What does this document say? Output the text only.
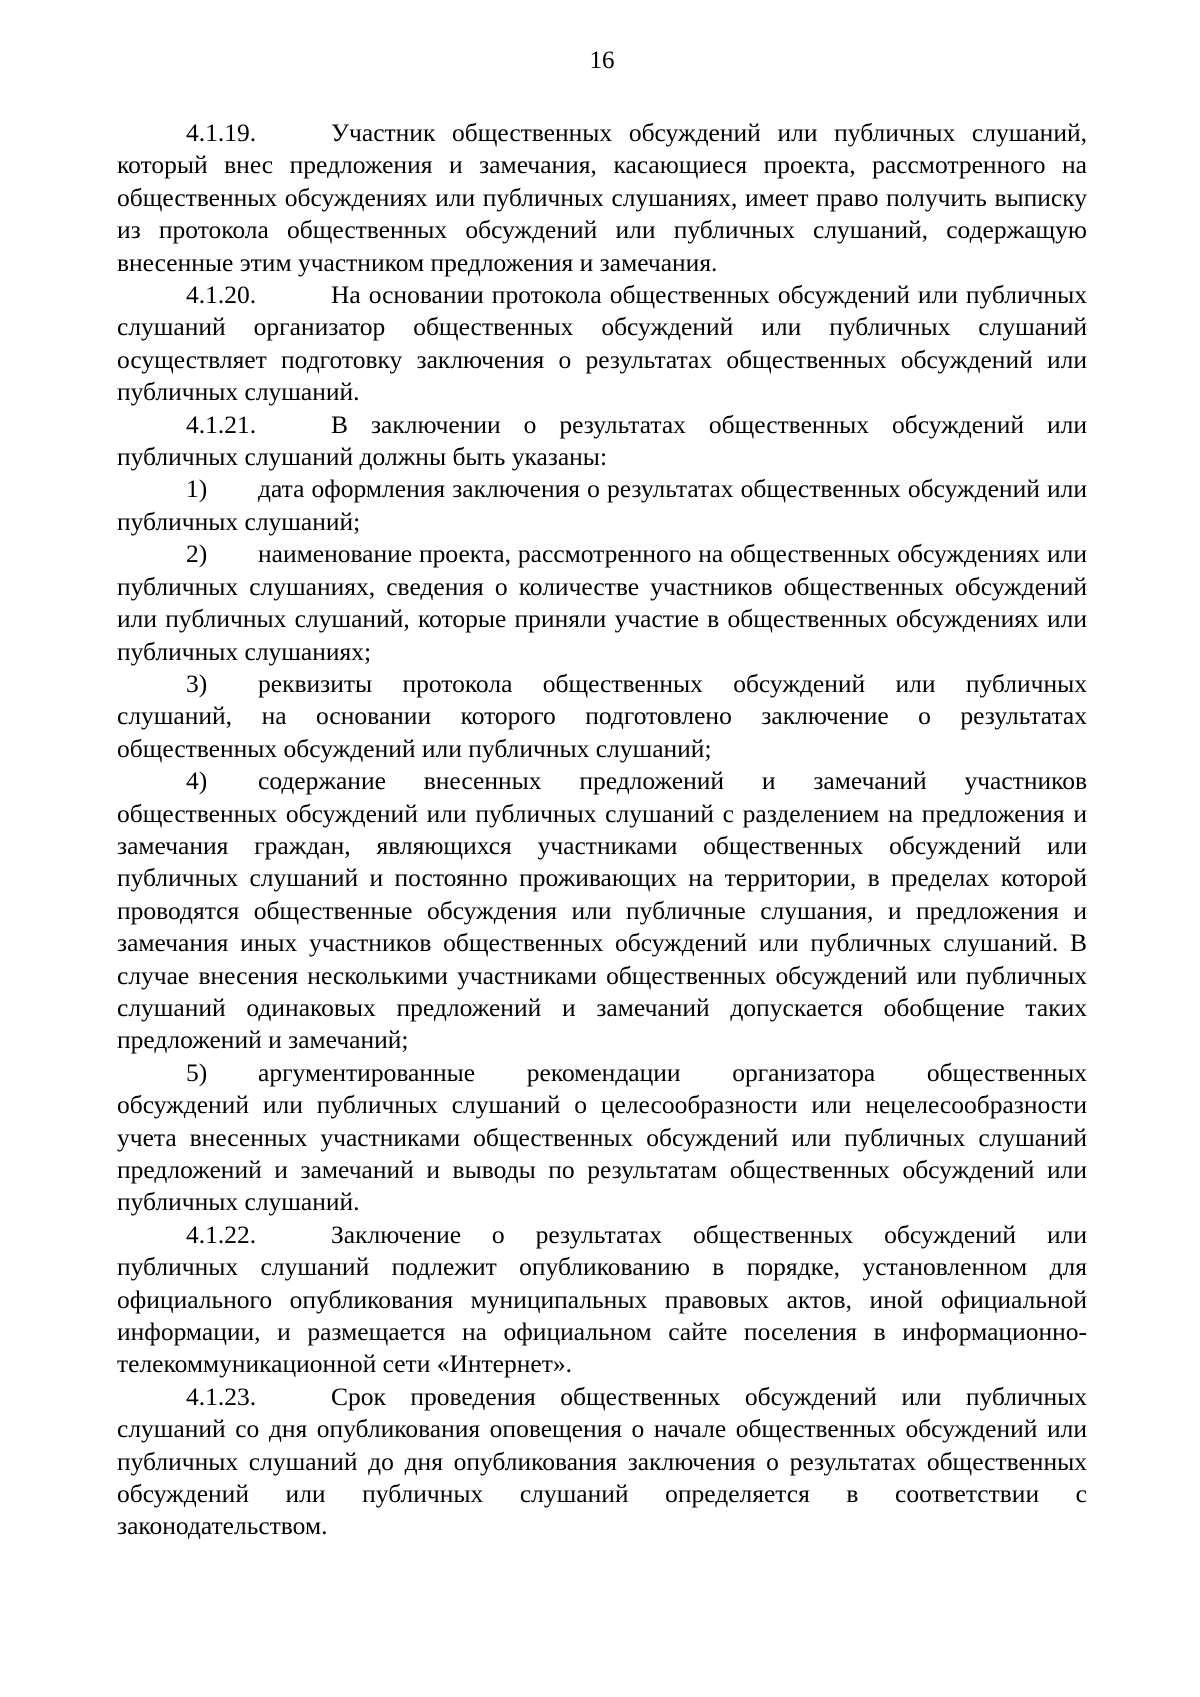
16

4.1.19.	Участник общественных обсуждений или публичных слушаний, который внес предложения и замечания, касающиеся проекта, рассмотренного на общественных обсуждениях или публичных слушаниях, имеет право получить выписку из протокола общественных обсуждений или публичных слушаний, содержащую внесенные этим участником предложения и замечания.

4.1.20.	На основании протокола общественных обсуждений или публичных слушаний организатор общественных обсуждений или публичных слушаний осуществляет подготовку заключения о результатах общественных обсуждений или публичных слушаний.

4.1.21.	В заключении о результатах общественных обсуждений или публичных слушаний должны быть указаны:

1) дата оформления заключения о результатах общественных обсуждений или публичных слушаний;

2) наименование проекта, рассмотренного на общественных обсуждениях или публичных слушаниях, сведения о количестве участников общественных обсуждений или публичных слушаний, которые приняли участие в общественных обсуждениях или публичных слушаниях;

3) реквизиты протокола общественных обсуждений или публичных слушаний, на основании которого подготовлено заключение о результатах общественных обсуждений или публичных слушаний;

4) содержание внесенных предложений и замечаний участников общественных обсуждений или публичных слушаний с разделением на предложения и замечания граждан, являющихся участниками общественных обсуждений или публичных слушаний и постоянно проживающих на территории, в пределах которой проводятся общественные обсуждения или публичные слушания, и предложения и замечания иных участников общественных обсуждений или публичных слушаний. В случае внесения несколькими участниками общественных обсуждений или публичных слушаний одинаковых предложений и замечаний допускается обобщение таких предложений и замечаний;

5) аргументированные рекомендации организатора общественных обсуждений или публичных слушаний о целесообразности или нецелесообразности учета внесенных участниками общественных обсуждений или публичных слушаний предложений и замечаний и выводы по результатам общественных обсуждений или публичных слушаний.

4.1.22.	Заключение о результатах общественных обсуждений или публичных слушаний подлежит опубликованию в порядке, установленном для официального опубликования муниципальных правовых актов, иной официальной информации, и размещается на официальном сайте поселения в информационно-телекоммуникационной сети «Интернет».

4.1.23.	Срок проведения общественных обсуждений или публичных слушаний со дня опубликования оповещения о начале общественных обсуждений или публичных слушаний до дня опубликования заключения о результатах общественных обсуждений или публичных слушаний определяется в соответствии с законодательством.
